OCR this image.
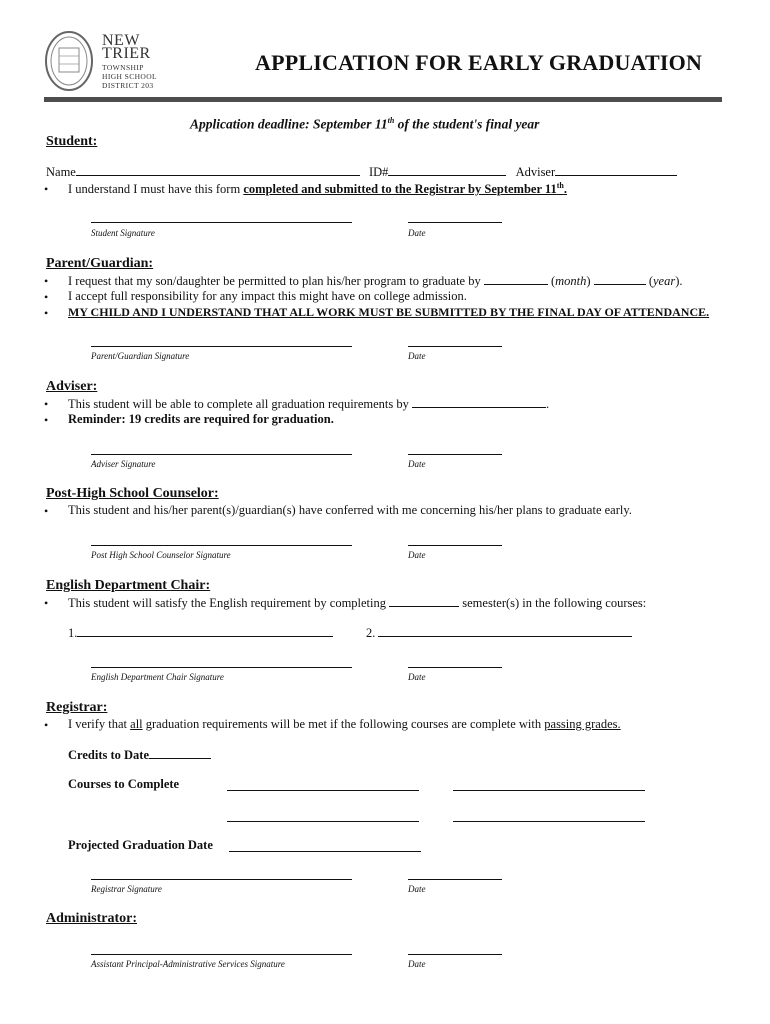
NEW
TRIER
TOWNSHIP
HIGH SCHOOL
DISTRICT 203
APPLICATION FOR EARLY GRADUATION
Application deadline: September 11th of the student's final year
Student:
Name	ID#	Adviser
• I understand I must have this form completed and submitted to the Registrar by September 11th.
Student Signature	Date
Parent/Guardian:
• I request that my son/daughter be permitted to plan his/her program to graduate by	(month)	(year).
• I accept full responsibility for any impact this might have on college admission.
• MY CHILD AND I UNDERSTAND THAT ALL WORK MUST BE SUBMITTED BY THE FINAL DAY OF ATTENDANCE.
Parent/Guardian Signature	Date
Adviser:
• This student will be able to complete all graduation requirements by	.
• Reminder: 19 credits are required for graduation.
Adviser Signature	Date
Post-High School Counselor:
• This student and his/her parent(s)/guardian(s) have conferred with me concerning his/her plans to graduate early.
Post High School Counselor Signature	Date
English Department Chair:
• This student will satisfy the English requirement by completing	semester(s) in the following courses:
1.	2.
English Department Chair Signature	Date
Registrar:
• I verify that all graduation requirements will be met if the following courses are complete with passing grades.
Credits to Date
Courses to Complete
Projected Graduation Date
Registrar Signature	Date
Administrator:
Assistant Principal-Administrative Services Signature	Date
